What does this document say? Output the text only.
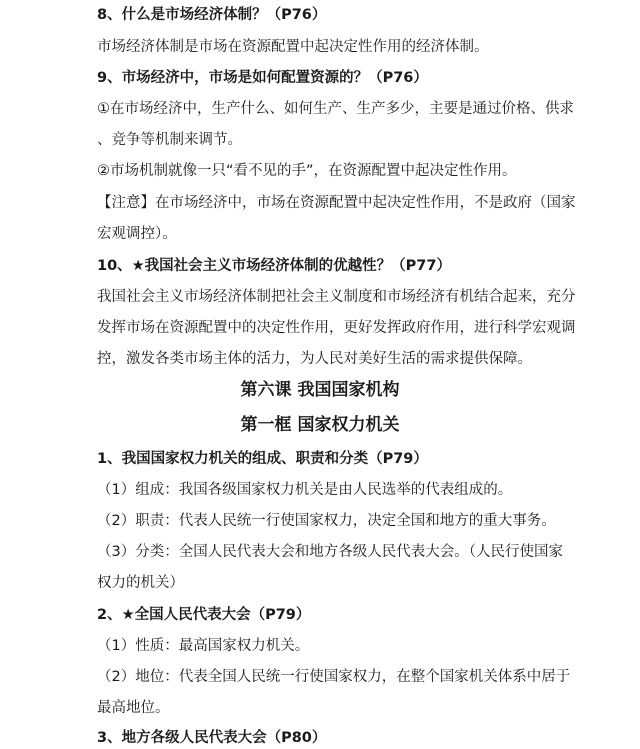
8、什么是市场经济体制？（P76）
市场经济体制是市场在资源配置中起决定性作用的经济体制。
9、市场经济中，市场是如何配置资源的？（P76）
①在市场经济中，生产什么、如何生产、生产多少，主要是通过价格、供求
、竞争等机制来调节。
②市场机制就像一只“看不见的手”，在资源配置中起决定性作用。
【注意】在市场经济中，市场在资源配置中起决定性作用，不是政府（国家
宏观调控）。
10、★我国社会主义市场经济体制的优越性？（P77）
我国社会主义市场经济体制把社会主义制度和市场经济有机结合起来，充分
发挥市场在资源配置中的决定性作用，更好发挥政府作用，进行科学宏观调
控，激发各类市场主体的活力，为人民对美好生活的需求提供保障。
第六课 我国国家机构
第一框 国家权力机关
1、我国国家权力机关的组成、职责和分类（P79）
（1）组成：我国各级国家权力机关是由人民选举的代表组成的。
（2）职责：代表人民统一行使国家权力，决定全国和地方的重大事务。
（3）分类：全国人民代表大会和地方各级人民代表大会。（人民行使国家
权力的机关）
2、★全国人民代表大会（P79）
（1）性质：最高国家权力机关。
（2）地位：代表全国人民统一行使国家权力，在整个国家机关体系中居于
最高地位。
3、地方各级人民代表大会（P80）
